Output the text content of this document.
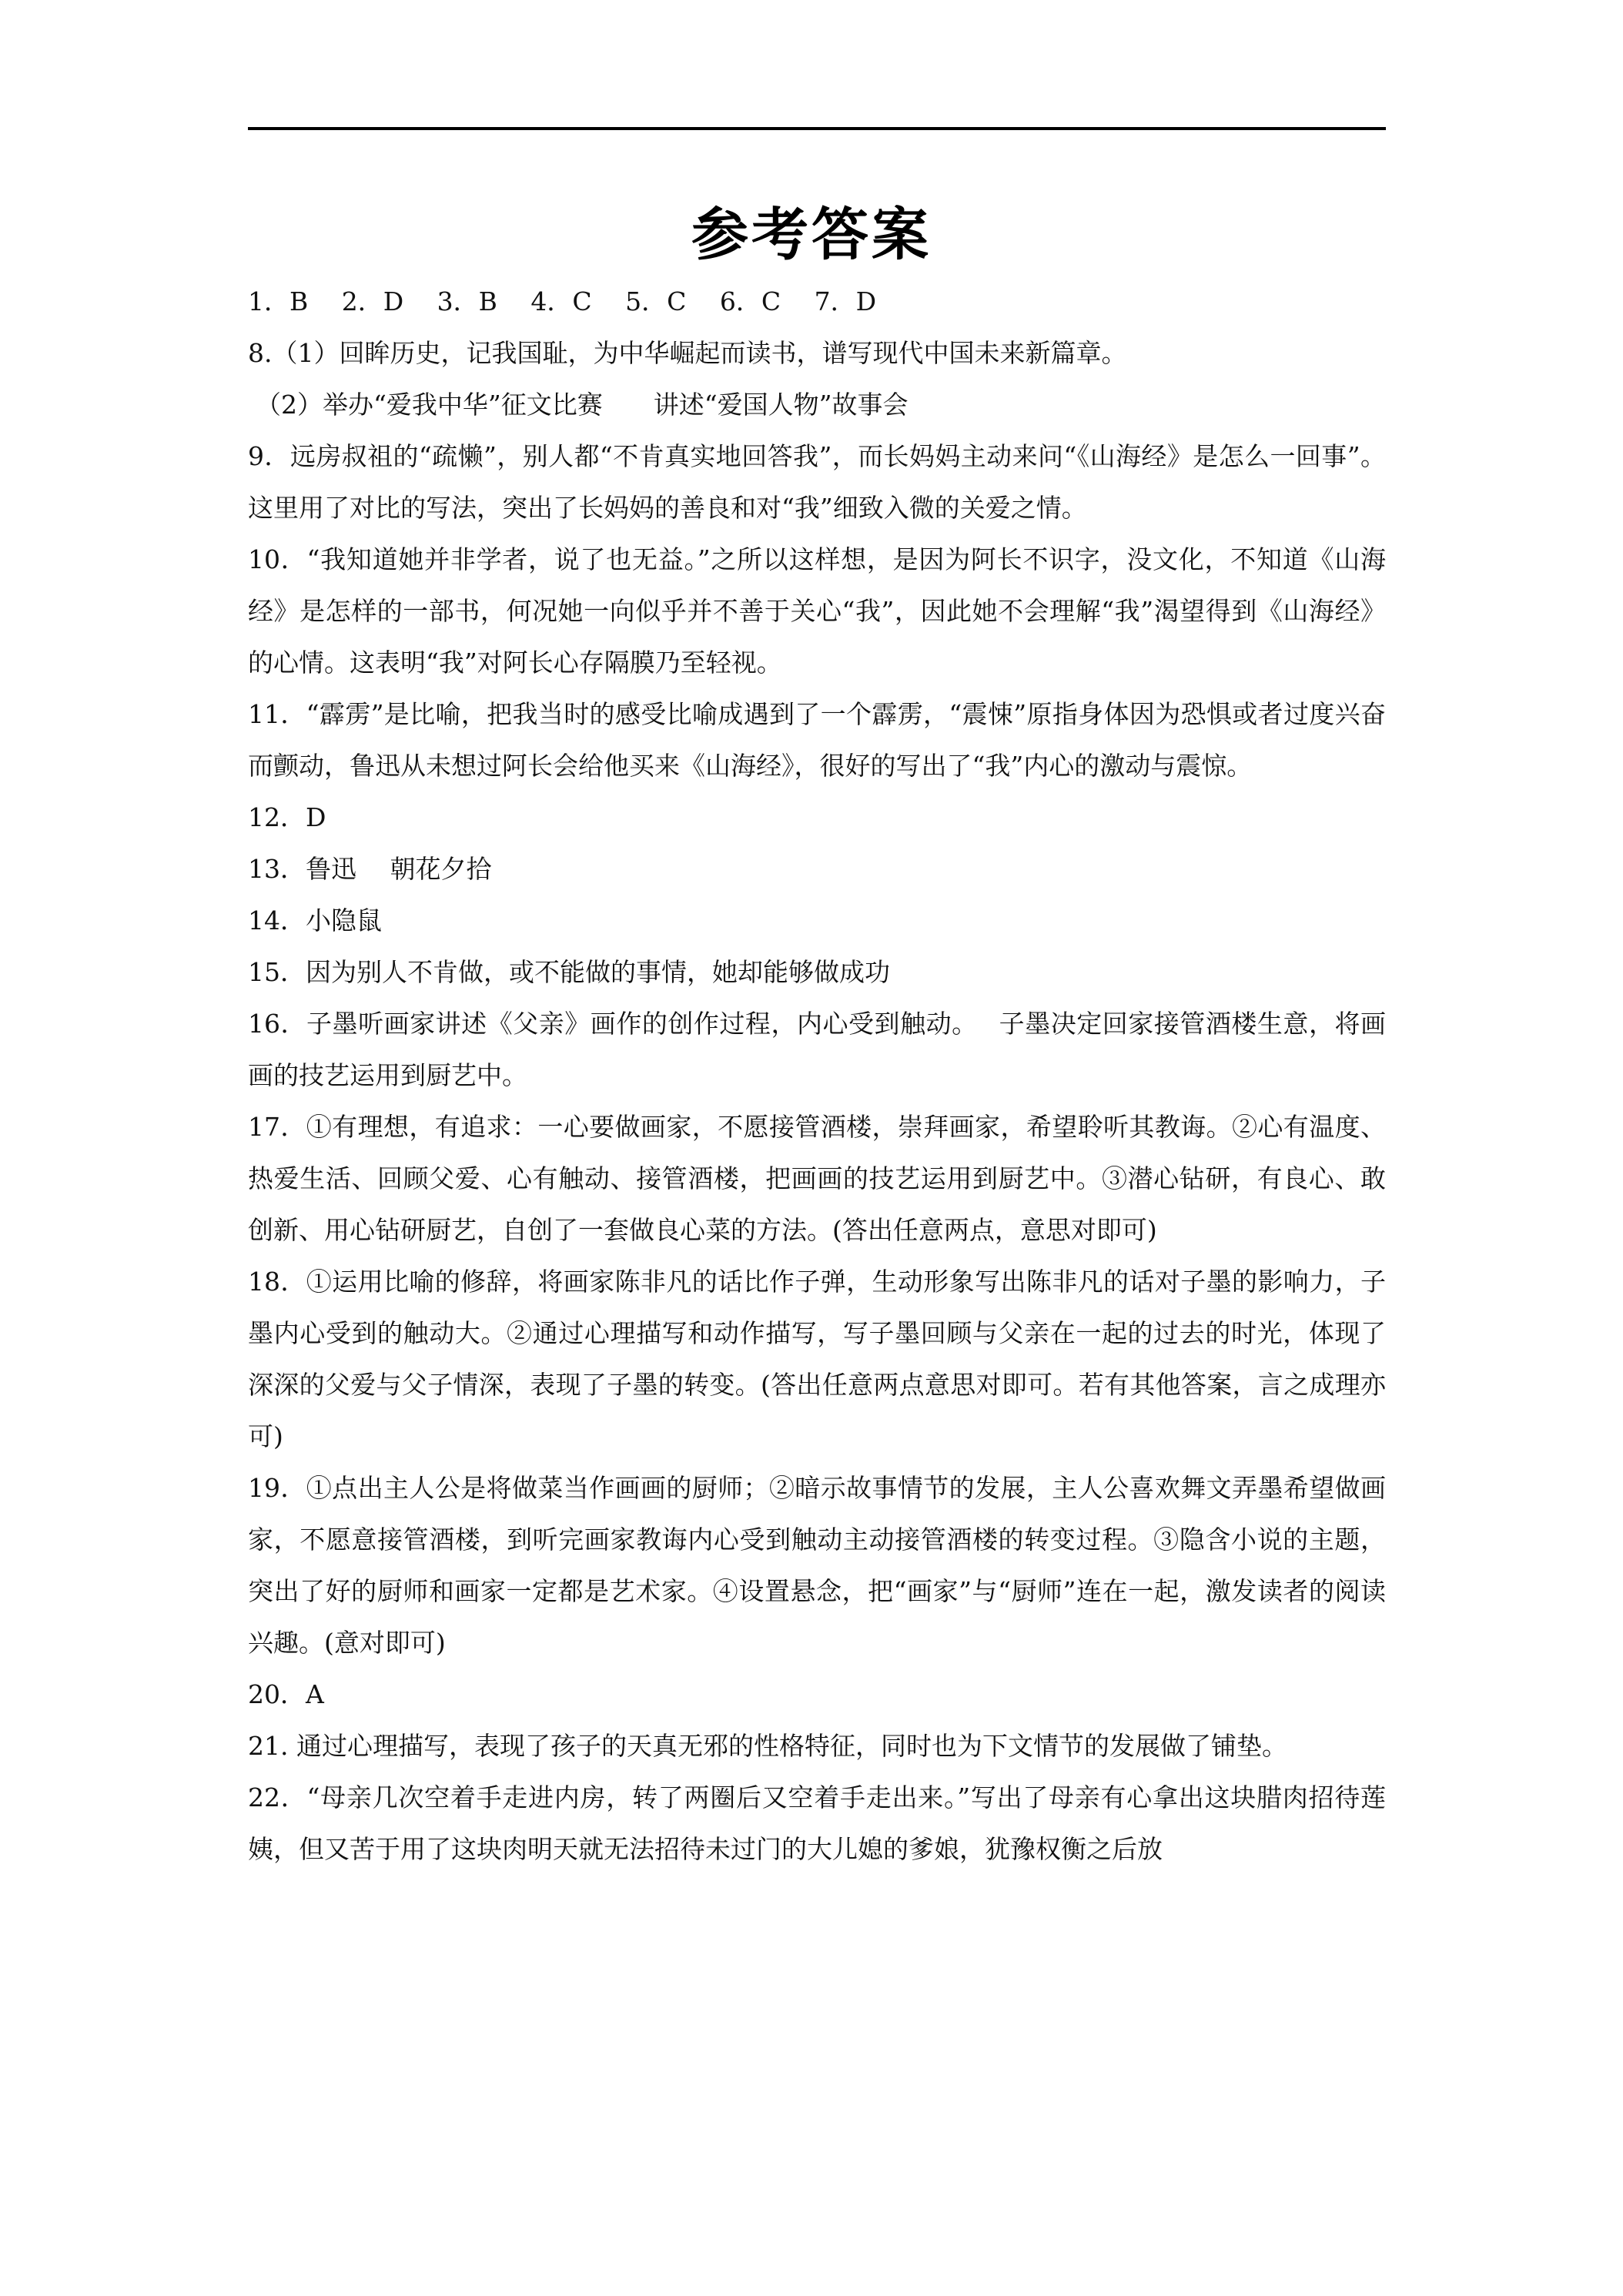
参考答案

1．B　 2．D　 3．B　 4．C　 5．C　 6．C　 7．D

8.（1）回眸历史，记我国耻，为中华崛起而读书，谱写现代中国未来新篇章。

（2）举办“爱我中华”征文比赛　　讲述“爱国人物”故事会

9．远房叔祖的“疏懒”，别人都“不肯真实地回答我”，而长妈妈主动来问“《山海经》是怎么一回事”。这里用了对比的写法，突出了长妈妈的善良和对“我”细致入微的关爱之情。

10．“我知道她并非学者，说了也无益。”之所以这样想，是因为阿长不识字，没文化，不知道《山海经》是怎样的一部书，何况她一向似乎并不善于关心“我”，因此她不会理解“我”渴望得到《山海经》的心情。这表明“我”对阿长心存隔膜乃至轻视。

11．“霹雳”是比喻，把我当时的感受比喻成遇到了一个霹雳，“震悚”原指身体因为恐惧或者过度兴奋而颤动，鲁迅从未想过阿长会给他买来《山海经》，很好的写出了“我”内心的激动与震惊。

12．D

13．鲁迅　 朝花夕拾

14．小隐鼠

15．因为别人不肯做，或不能做的事情，她却能够做成功

16．子墨听画家讲述《父亲》画作的创作过程，内心受到触动。　 子墨决定回家接管酒楼生意，将画画的技艺运用到厨艺中。

17．①有理想，有追求：一心要做画家，不愿接管酒楼，崇拜画家，希望聆听其教诲。②心有温度、热爱生活、回顾父爱、心有触动、接管酒楼，把画画的技艺运用到厨艺中。③潜心钻研，有良心、敢创新、用心钻研厨艺，自创了一套做良心菜的方法。(答出任意两点，意思对即可)

18．①运用比喻的修辞，将画家陈非凡的话比作子弹，生动形象写出陈非凡的话对子墨的影响力，子墨内心受到的触动大。②通过心理描写和动作描写，写子墨回顾与父亲在一起的过去的时光，体现了深深的父爱与父子情深，表现了子墨的转变。(答出任意两点意思对即可。若有其他答案，言之成理亦可)

19．①点出主人公是将做菜当作画画的厨师；②暗示故事情节的发展，主人公喜欢舞文弄墨希望做画家，不愿意接管酒楼，到听完画家教诲内心受到触动主动接管酒楼的转变过程。③隐含小说的主题，突出了好的厨师和画家一定都是艺术家。④设置悬念，把“画家”与“厨师”连在一起，激发读者的阅读兴趣。(意对即可)

20．A

21. 通过心理描写，表现了孩子的天真无邪的性格特征，同时也为下文情节的发展做了铺垫。

22．“母亲几次空着手走进内房，转了两圈后又空着手走出来。”写出了母亲有心拿出这块腊肉招待莲姨，但又苦于用了这块肉明天就无法招待未过门的大儿媳的爹娘，犹豫权衡之后放
